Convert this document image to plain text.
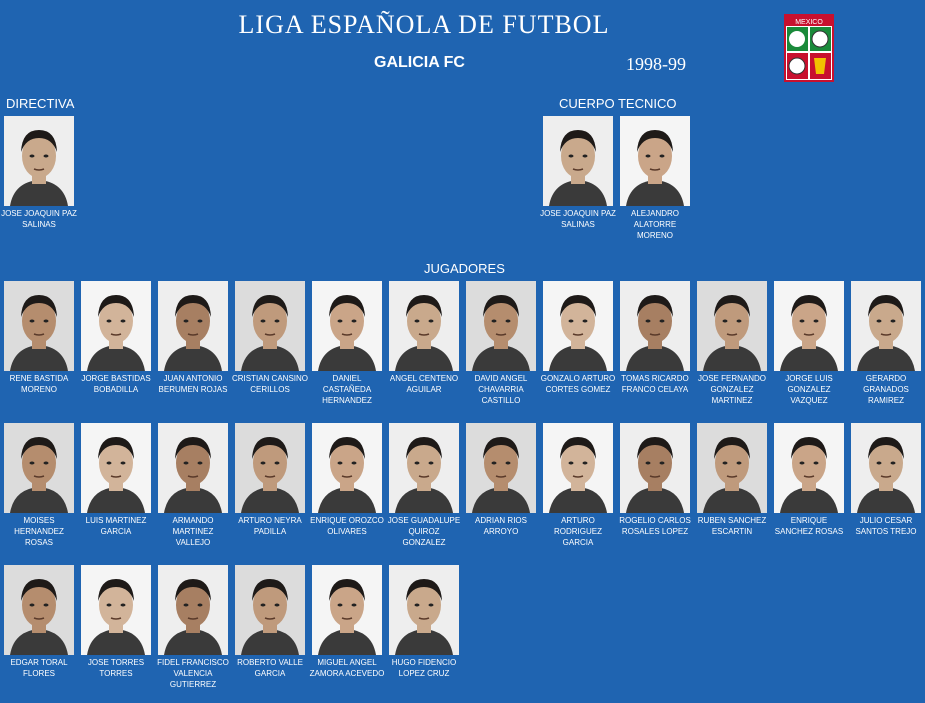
LIGA ESPAÑOLA DE FUTBOL
GALICIA FC	1998-99
MEXICO
DIRECTIVA	CUERPO TECNICO
JUGADORES
JOSE JOAQUIN PAZ SALINAS
JOSE JOAQUIN PAZ SALINAS
ALEJANDRO ALATORRE MORENO
RENE BASTIDA MORENO
JORGE BASTIDAS BOBADILLA
JUAN ANTONIO BERUMEN ROJAS
CRISTIAN CANSINO CERILLOS
DANIEL CASTAÑEDA HERNANDEZ
ANGEL CENTENO AGUILAR
DAVID ANGEL CHAVARRIA CASTILLO
GONZALO ARTURO CORTES GOMEZ
TOMAS RICARDO FRANCO CELAYA
JOSE FERNANDO GONZALEZ MARTINEZ
JORGE LUIS GONZALEZ VAZQUEZ
GERARDO GRANADOS RAMIREZ
MOISES HERNANDEZ ROSAS
LUIS MARTINEZ GARCIA
ARMANDO MARTINEZ VALLEJO
ARTURO NEYRA PADILLA
ENRIQUE OROZCO OLIVARES
JOSE GUADALUPE QUIROZ GONZALEZ
ADRIAN RIOS ARROYO
ARTURO RODRIGUEZ GARCIA
ROGELIO CARLOS ROSALES LOPEZ
RUBEN SANCHEZ ESCARTIN
ENRIQUE SANCHEZ ROSAS
JULIO CESAR SANTOS TREJO
EDGAR TORAL FLORES
JOSE TORRES TORRES
FIDEL FRANCISCO VALENCIA GUTIERREZ
ROBERTO VALLE GARCIA
MIGUEL ANGEL ZAMORA ACEVEDO
HUGO FIDENCIO LOPEZ CRUZ
